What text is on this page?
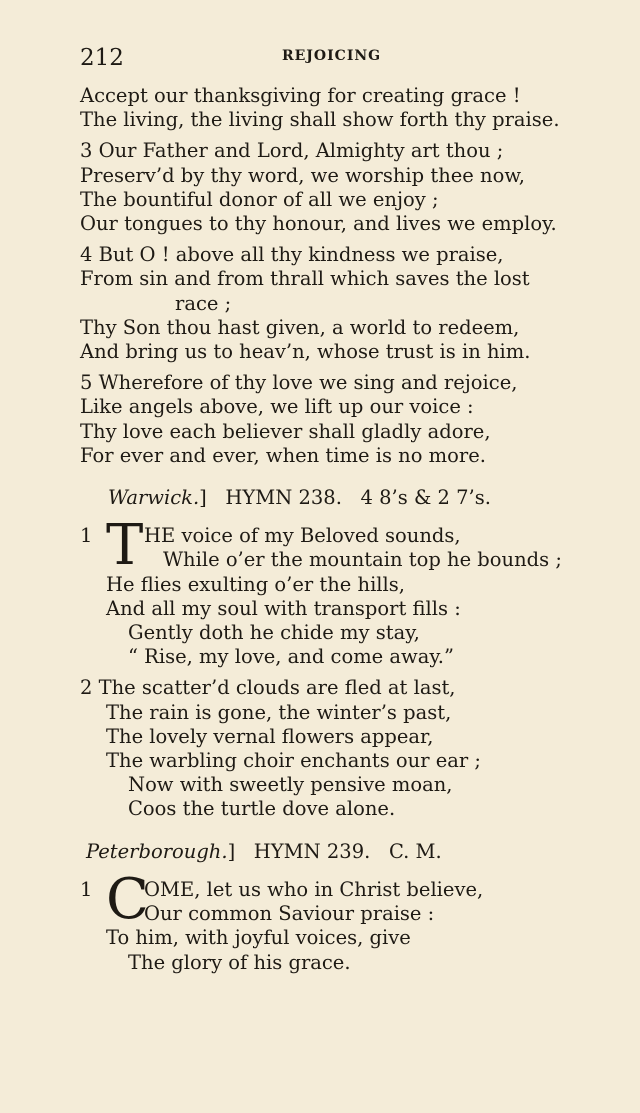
212	REJOICING
Accept our thanksgiving for creating grace !
The living, the living shall show forth thy praise.
3 Our Father and Lord, Almighty art thou ;
Preserv’d by thy word, we worship thee now,
The bountiful donor of all we enjoy ;
Our tongues to thy honour, and lives we employ.
4 But O ! above all thy kindness we praise,
From sin and from thrall which saves the lost
race ;
Thy Son thou hast given, a world to redeem,
And bring us to heav’n, whose trust is in him.
5 Wherefore of thy love we sing and rejoice,
Like angels above, we lift up our voice :
Thy love each believer shall gladly adore,
For ever and ever, when time is no more.
Warwick.] HYMN 238. 4 8’s & 2 7’s.
1 T HE voice of my Beloved sounds,
While o’er the mountain top he bounds ;
He flies exulting o’er the hills,
And all my soul with transport fills :
Gently doth he chide my stay,
“ Rise, my love, and come away.”
2 The scatter’d clouds are fled at last,
The rain is gone, the winter’s past,
The lovely vernal flowers appear,
The warbling choir enchants our ear ;
Now with sweetly pensive moan,
Coos the turtle dove alone.
Peterborough.] HYMN 239. C. M.
1 C
OME, let us who in Christ believe,
Our common Saviour praise :
To him, with joyful voices, give
The glory of his grace.
